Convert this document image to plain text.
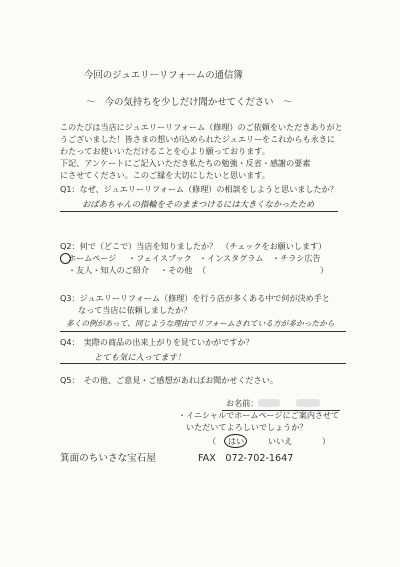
今回のジュエリーリフォームの通信簿
～　今の気持ちを少しだけ聞かせてください　～
このたびは当店にジュエリーリフォーム（修理）のご依頼をいただきありがと
うございました！皆さまの想いが込められたジュエリーをこれからも永きに
わたってお使いいただけることを心より願っております。
下記、アンケートにご記入いただき私たちの勉強・反省・感謝の要素
にさせてください。このご縁を大切にしたいと思います。
Q1：なぜ、ジュエリーリフォーム（修理）の相談をしようと思いましたか？
おばあちゃんの指輪をそのままつけるには大きくなかったため
Q2：何で（どこで）当店を知りましたか？　（チェックをお願いします）
ホームページ ・フェイスブック ・インスタグラム ・チラシ広告
・友人・知人のご紹介 ・その他 （	）
Q3：ジュエリーリフォーム（修理）を行う店が多くある中で何が決め手と
なって当店に依頼しましたか？
多くの例があって、同じような理由でリフォームされている方が多かったから
Q4：　実際の商品の出来上がりを見ていかがですか？
とても気に入ってます！
Q5：　その他、ご意見・ご感想があればお聞かせください。
お名前：
・イニシャルでホームページにご案内させて
いただいてよろしいでしょうか？
（ はい	いいえ	）
箕面のちいさな宝石屋	FAX　072-702-1647
